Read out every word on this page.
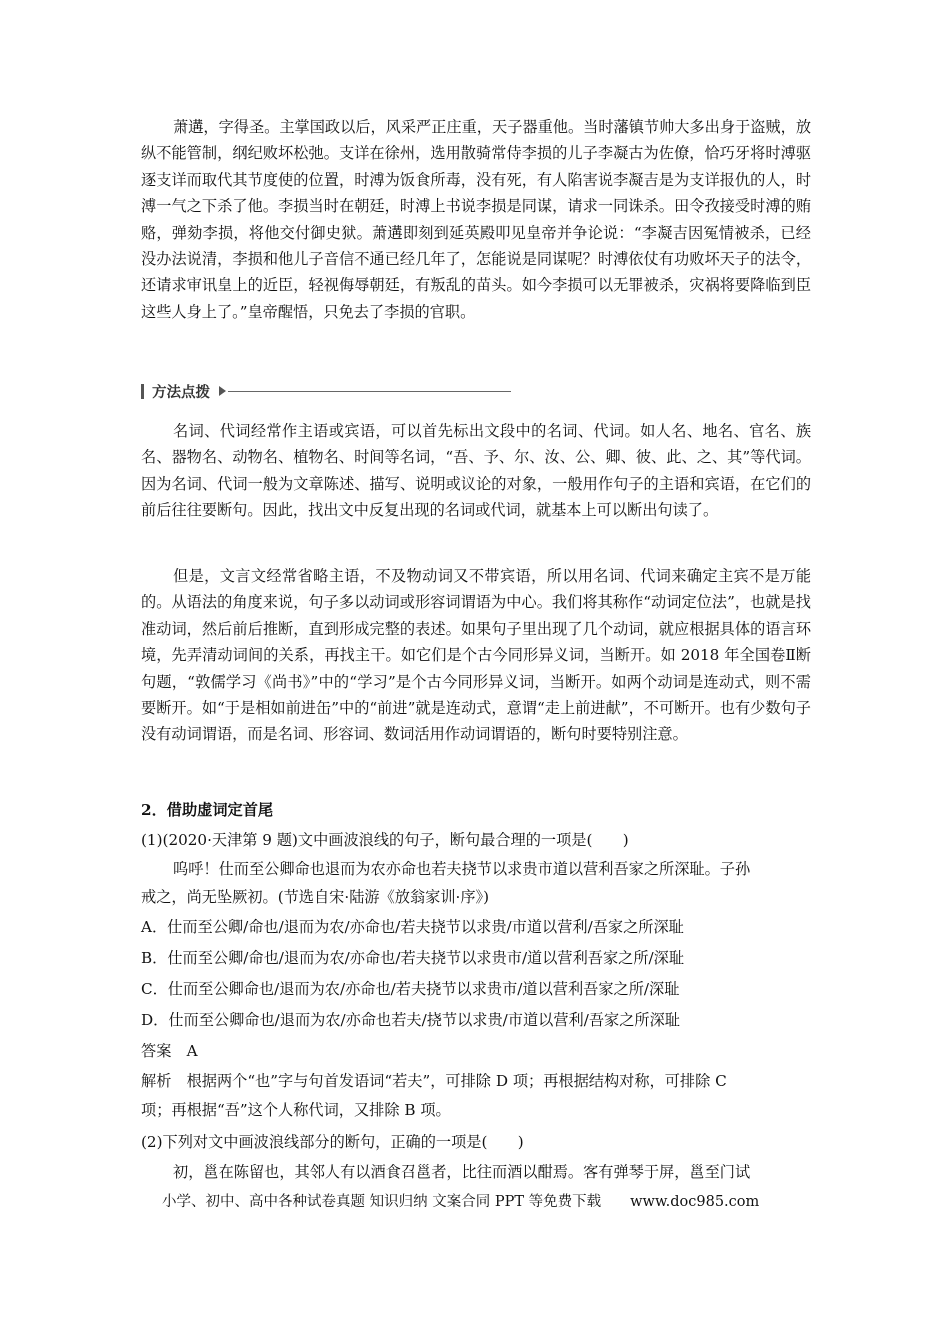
萧遘，字得圣。主掌国政以后，风采严正庄重，天子器重他。当时藩镇节帅大多出身于盗贼，放纵不能管制，纲纪败坏松弛。支详在徐州，选用散骑常侍李损的儿子李凝古为佐僚，恰巧牙将时溥驱逐支详而取代其节度使的位置，时溥为饭食所毒，没有死，有人陷害说李凝吉是为支详报仇的人，时溥一气之下杀了他。李损当时在朝廷，时溥上书说李损是同谋，请求一同诛杀。田令孜接受时溥的贿赂，弹劾李损，将他交付御史狱。萧遘即刻到延英殿叩见皇帝并争论说：“李凝吉因冤情被杀，已经没办法说清，李损和他儿子音信不通已经几年了，怎能说是同谋呢？时溥依仗有功败坏天子的法令，还请求审讯皇上的近臣，轻视侮辱朝廷，有叛乱的苗头。如今李损可以无罪被杀，灾祸将要降临到臣这些人身上了。”皇帝醒悟，只免去了李损的官职。

方法点拨

名词、代词经常作主语或宾语，可以首先标出文段中的名词、代词。如人名、地名、官名、族名、器物名、动物名、植物名、时间等名词，“吾、予、尔、汝、公、卿、彼、此、之、其”等代词。因为名词、代词一般为文章陈述、描写、说明或议论的对象，一般用作句子的主语和宾语，在它们的前后往往要断句。因此，找出文中反复出现的名词或代词，就基本上可以断出句读了。

但是，文言文经常省略主语，不及物动词又不带宾语，所以用名词、代词来确定主宾不是万能的。从语法的角度来说，句子多以动词或形容词谓语为中心。我们将其称作“动词定位法”，也就是找准动词，然后前后推断，直到形成完整的表述。如果句子里出现了几个动词，就应根据具体的语言环境，先弄清动词间的关系，再找主干。如它们是个古今同形异义词，当断开。如 2018 年全国卷Ⅱ断句题，“敦儒学习《尚书》”中的“学习”是个古今同形异义词，当断开。如两个动词是连动式，则不需要断开。如“于是相如前进缶”中的“前进”就是连动式，意谓“走上前进献”，不可断开。也有少数句子没有动词谓语，而是名词、形容词、数词活用作动词谓语的，断句时要特别注意。

2．借助虚词定首尾
(1)(2020·天津第 9 题)文中画波浪线的句子，断句最合理的一项是(　　)
呜呼！仕而至公卿命也退而为农亦命也若夫挠节以求贵市道以营利吾家之所深耻。子孙
戒之，尚无坠厥初。(节选自宋·陆游《放翁家训·序》)
A．仕而至公卿/命也/退而为农/亦命也/若夫挠节以求贵/市道以营利/吾家之所深耻
B．仕而至公卿/命也/退而为农/亦命也/若夫挠节以求贵市/道以营利吾家之所/深耻
C．仕而至公卿命也/退而为农/亦命也/若夫挠节以求贵市/道以营利吾家之所/深耻
D．仕而至公卿命也/退而为农/亦命也若夫/挠节以求贵/市道以营利/吾家之所深耻
答案　A
解析　根据两个“也”字与句首发语词“若夫”，可排除 D 项；再根据结构对称，可排除 C
项；再根据“吾”这个人称代词，又排除 B 项。
(2)下列对文中画波浪线部分的断句，正确的一项是(　　)
初，邕在陈留也，其邻人有以酒食召邕者，比往而酒以酣焉。客有弹琴于屏，邕至门试
小学、初中、高中各种试卷真题 知识归纳 文案合同 PPT 等免费下载　　www.doc985.com
